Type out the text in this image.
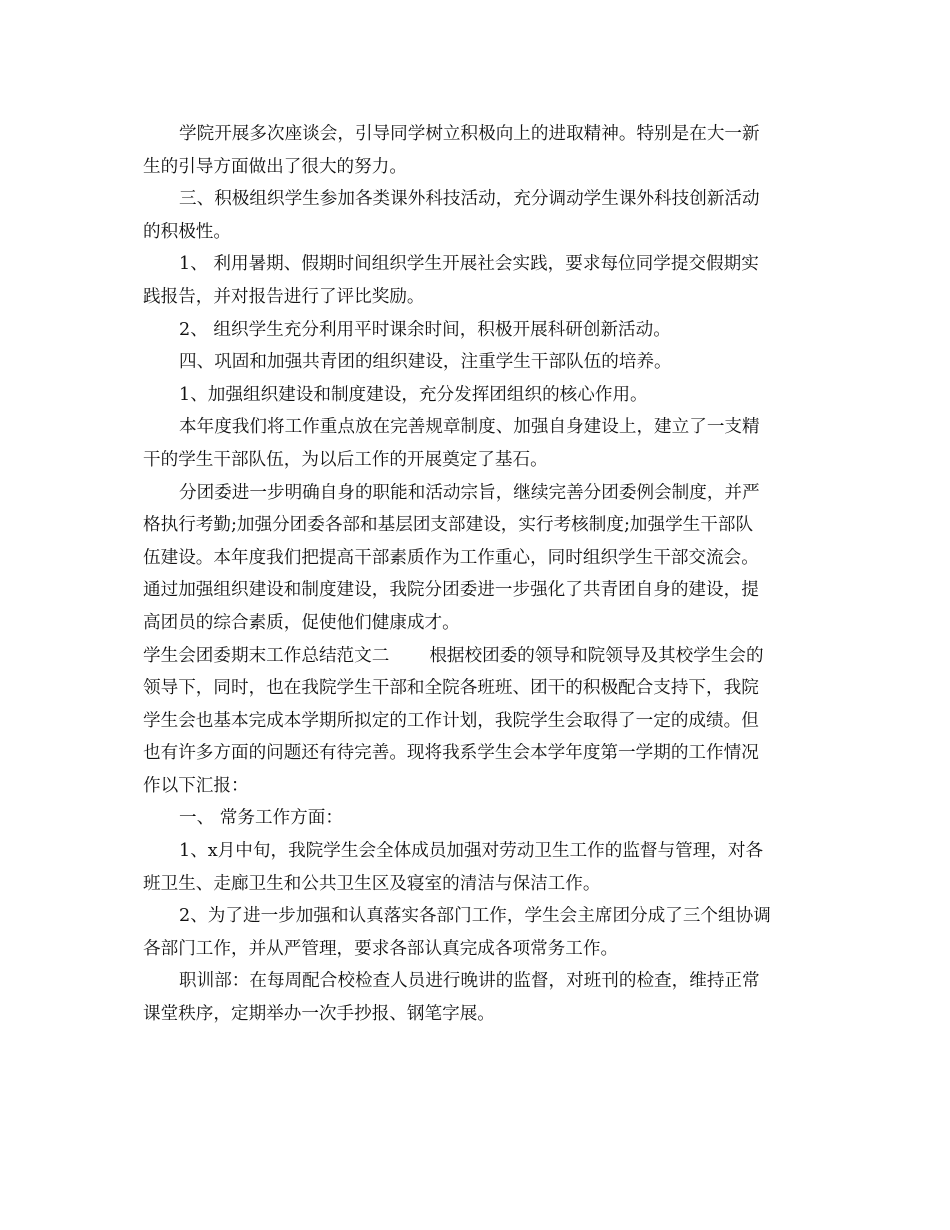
学院开展多次座谈会，引导同学树立积极向上的进取精神。特别是在大一新
生的引导方面做出了很大的努力。
三、积极组织学生参加各类课外科技活动，充分调动学生课外科技创新活动
的积极性。
1、 利用暑期、假期时间组织学生开展社会实践，要求每位同学提交假期实
践报告，并对报告进行了评比奖励。
2、 组织学生充分利用平时课余时间，积极开展科研创新活动。
四、巩固和加强共青团的组织建设，注重学生干部队伍的培养。
1、加强组织建设和制度建设，充分发挥团组织的核心作用。
本年度我们将工作重点放在完善规章制度、加强自身建设上，建立了一支精
干的学生干部队伍，为以后工作的开展奠定了基石。
分团委进一步明确自身的职能和活动宗旨，继续完善分团委例会制度，并严
格执行考勤;加强分团委各部和基层团支部建设，实行考核制度;加强学生干部队
伍建设。本年度我们把提高干部素质作为工作重心，同时组织学生干部交流会。
通过加强组织建设和制度建设，我院分团委进一步强化了共青团自身的建设，提
高团员的综合素质，促使他们健康成才。
学生会团委期末工作总结范文二 根据校团委的领导和院领导及其校学生会的
领导下，同时，也在我院学生干部和全院各班班、团干的积极配合支持下，我院
学生会也基本完成本学期所拟定的工作计划，我院学生会取得了一定的成绩。但
也有许多方面的问题还有待完善。现将我系学生会本学年度第一学期的工作情况
作以下汇报：
一、 常务工作方面：
1、x月中旬，我院学生会全体成员加强对劳动卫生工作的监督与管理，对各
班卫生、走廊卫生和公共卫生区及寝室的清洁与保洁工作。
2、为了进一步加强和认真落实各部门工作，学生会主席团分成了三个组协调
各部门工作，并从严管理，要求各部认真完成各项常务工作。
职训部：在每周配合校检查人员进行晚讲的监督，对班刊的检查，维持正常
课堂秩序，定期举办一次手抄报、钢笔字展。
